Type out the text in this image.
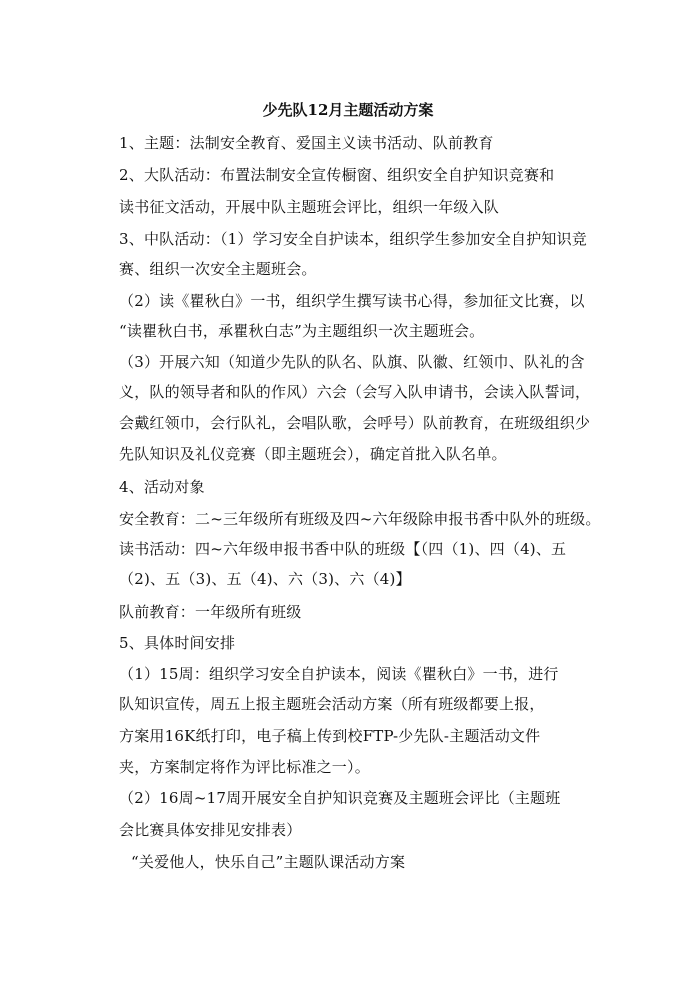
少先队12月主题活动方案
1、主题：法制安全教育、爱国主义读书活动、队前教育
2、大队活动：布置法制安全宣传橱窗、组织安全自护知识竞赛和
读书征文活动，开展中队主题班会评比，组织一年级入队
3、中队活动：（1）学习安全自护读本，组织学生参加安全自护知识竞
赛、组织一次安全主题班会。
（2）读《瞿秋白》一书，组织学生撰写读书心得，参加征文比赛，以
“读瞿秋白书，承瞿秋白志”为主题组织一次主题班会。
（3）开展六知（知道少先队的队名、队旗、队徽、红领巾、队礼的含
义，队的领导者和队的作风）六会（会写入队申请书，会读入队誓词，
会戴红领巾，会行队礼，会唱队歌，会呼号）队前教育，在班级组织少
先队知识及礼仪竞赛（即主题班会），确定首批入队名单。
4、活动对象
安全教育：二~三年级所有班级及四~六年级除申报书香中队外的班级。
读书活动：四~六年级申报书香中队的班级【（四（1)、四（4)、五
（2)、五（3)、五（4)、六（3)、六（4)】
队前教育：一年级所有班级
5、具体时间安排
（1）15周：组织学习安全自护读本，阅读《瞿秋白》一书，进行
队知识宣传，周五上报主题班会活动方案（所有班级都要上报，
方案用16K纸打印，电子稿上传到校FTP-少先队-主题活动文件
夹，方案制定将作为评比标准之一）。
（2）16周~17周开展安全自护知识竞赛及主题班会评比（主题班
会比赛具体安排见安排表）
“关爱他人，快乐自己”主题队课活动方案
